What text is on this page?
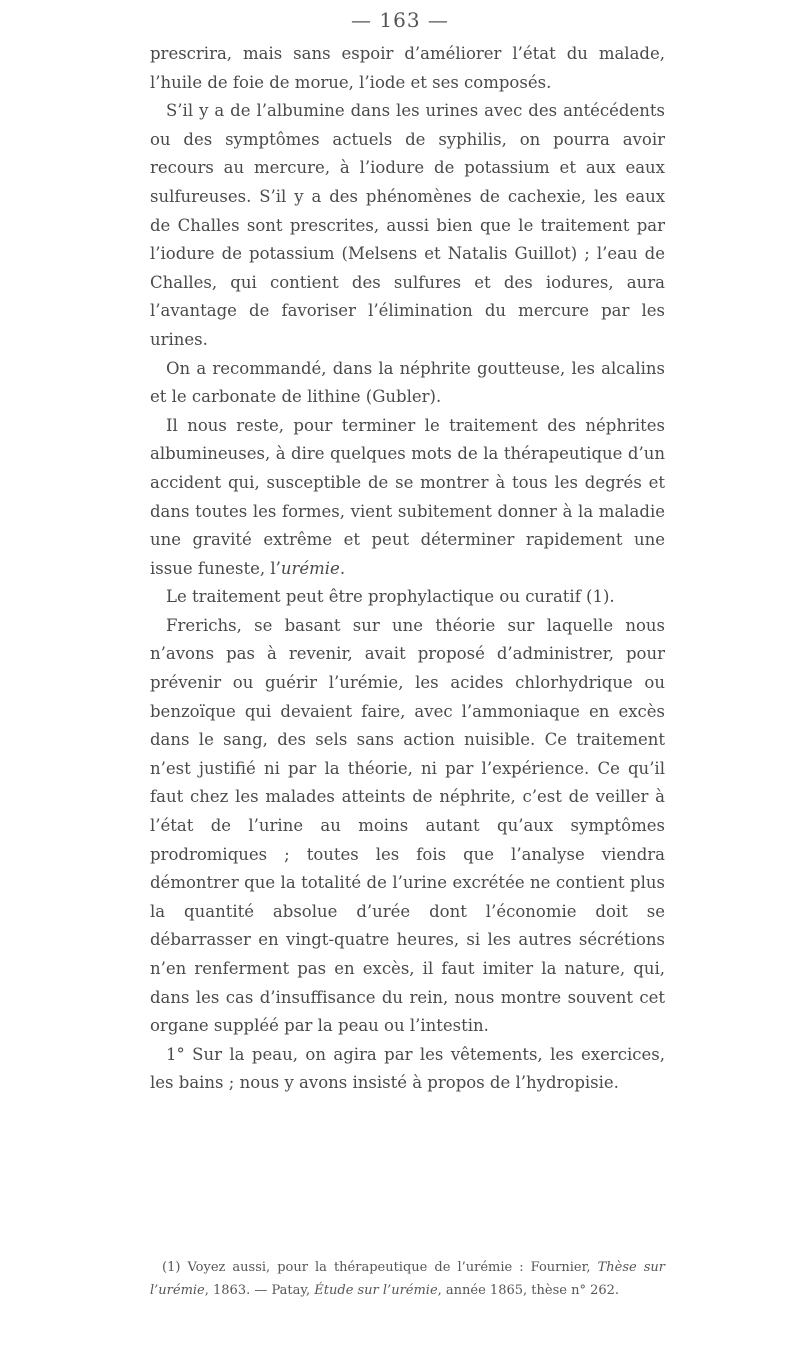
— 163 —

prescrira, mais sans espoir d’améliorer l’état du malade, l’huile de foie de morue, l’iode et ses composés.

S’il y a de l’albumine dans les urines avec des antécédents ou des symptômes actuels de syphilis, on pourra avoir recours au mercure, à l’iodure de potassium et aux eaux sulfureuses. S’il y a des phénomènes de cachexie, les eaux de Challes sont prescrites, aussi bien que le traitement par l’iodure de potassium (Melsens et Natalis Guillot) ; l’eau de Challes, qui contient des sulfures et des iodures, aura l’avantage de favoriser l’élimination du mercure par les urines.

On a recommandé, dans la néphrite goutteuse, les alcalins et le carbonate de lithine (Gubler).

Il nous reste, pour terminer le traitement des néphrites albumineuses, à dire quelques mots de la thérapeutique d’un accident qui, susceptible de se montrer à tous les degrés et dans toutes les formes, vient subitement donner à la maladie une gravité extrême et peut déterminer rapidement une issue funeste, l’urémie.

Le traitement peut être prophylactique ou curatif (1).

Frerichs, se basant sur une théorie sur laquelle nous n’avons pas à revenir, avait proposé d’administrer, pour prévenir ou guérir l’urémie, les acides chlorhydrique ou benzoïque qui devaient faire, avec l’ammoniaque en excès dans le sang, des sels sans action nuisible. Ce traitement n’est justifié ni par la théorie, ni par l’expérience. Ce qu’il faut chez les malades atteints de néphrite, c’est de veiller à l’état de l’urine au moins autant qu’aux symptômes prodromiques ; toutes les fois que l’analyse viendra démontrer que la totalité de l’urine excrétée ne contient plus la quantité absolue d’urée dont l’économie doit se débarrasser en vingt-quatre heures, si les autres sécrétions n’en renferment pas en excès, il faut imiter la nature, qui, dans les cas d’insuffisance du rein, nous montre souvent cet organe suppléé par la peau ou l’intestin.

1° Sur la peau, on agira par les vêtements, les exercices, les bains ; nous y avons insisté à propos de l’hydropisie.

(1) Voyez aussi, pour la thérapeutique de l’urémie : Fournier, Thèse sur l’urémie, 1863. — Patay, Étude sur l’urémie, année 1865, thèse n° 262.
